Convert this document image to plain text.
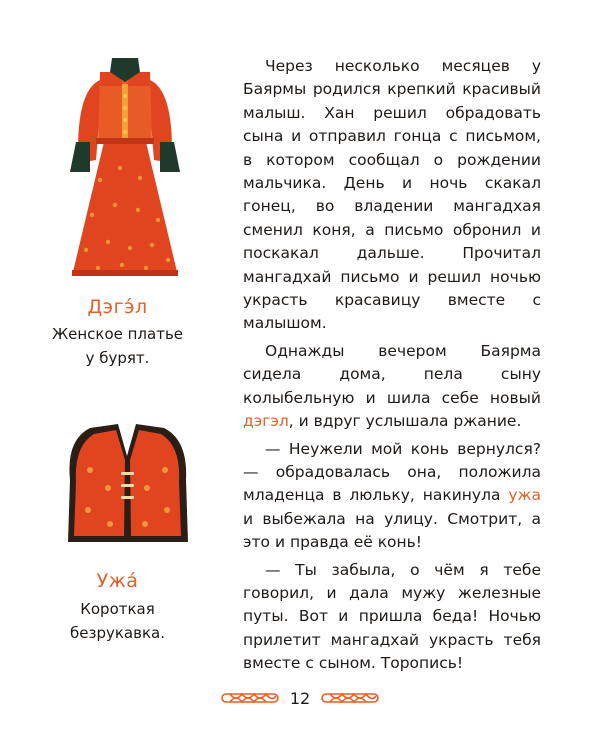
Дэгэ́л
Женское платье
у бурят.
Ужа́
Короткая
безрукавка.

Через несколько месяцев у Баярмы родился крепкий красивый малыш. Хан решил обрадовать сына и отправил гонца с письмом, в котором сообщал о рождении мальчика. День и ночь скакал гонец, во владении мангадхая сменил коня, а письмо обронил и поскакал дальше. Прочитал мангадхай письмо и решил ночью украсть красавицу вместе с малышом.

Однажды вечером Баярма сидела дома, пела сыну колыбельную и шила себе новый дэгэл, и вдруг услышала ржание.

— Неужели мой конь вернулся? — обрадовалась она, положила младенца в люльку, накинула ужа и выбежала на улицу. Смотрит, а это и правда её конь!

— Ты забыла, о чём я тебе говорил, и дала мужу железные путы. Вот и пришла беда! Ночью прилетит мангадхай украсть тебя вместе с сыном. Торопись!

12
